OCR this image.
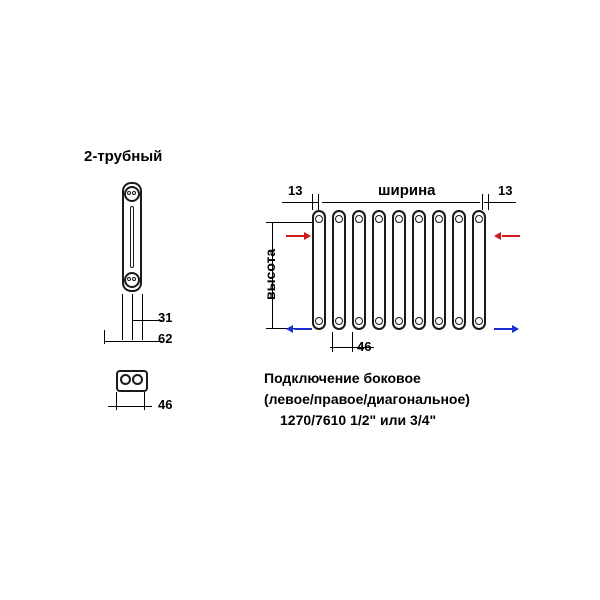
2-трубный
31
62
46
13	13
ширина
высота
46
Подключение боковое
(левое/правое/диагональное)
1270/7610 1/2" или 3/4"
